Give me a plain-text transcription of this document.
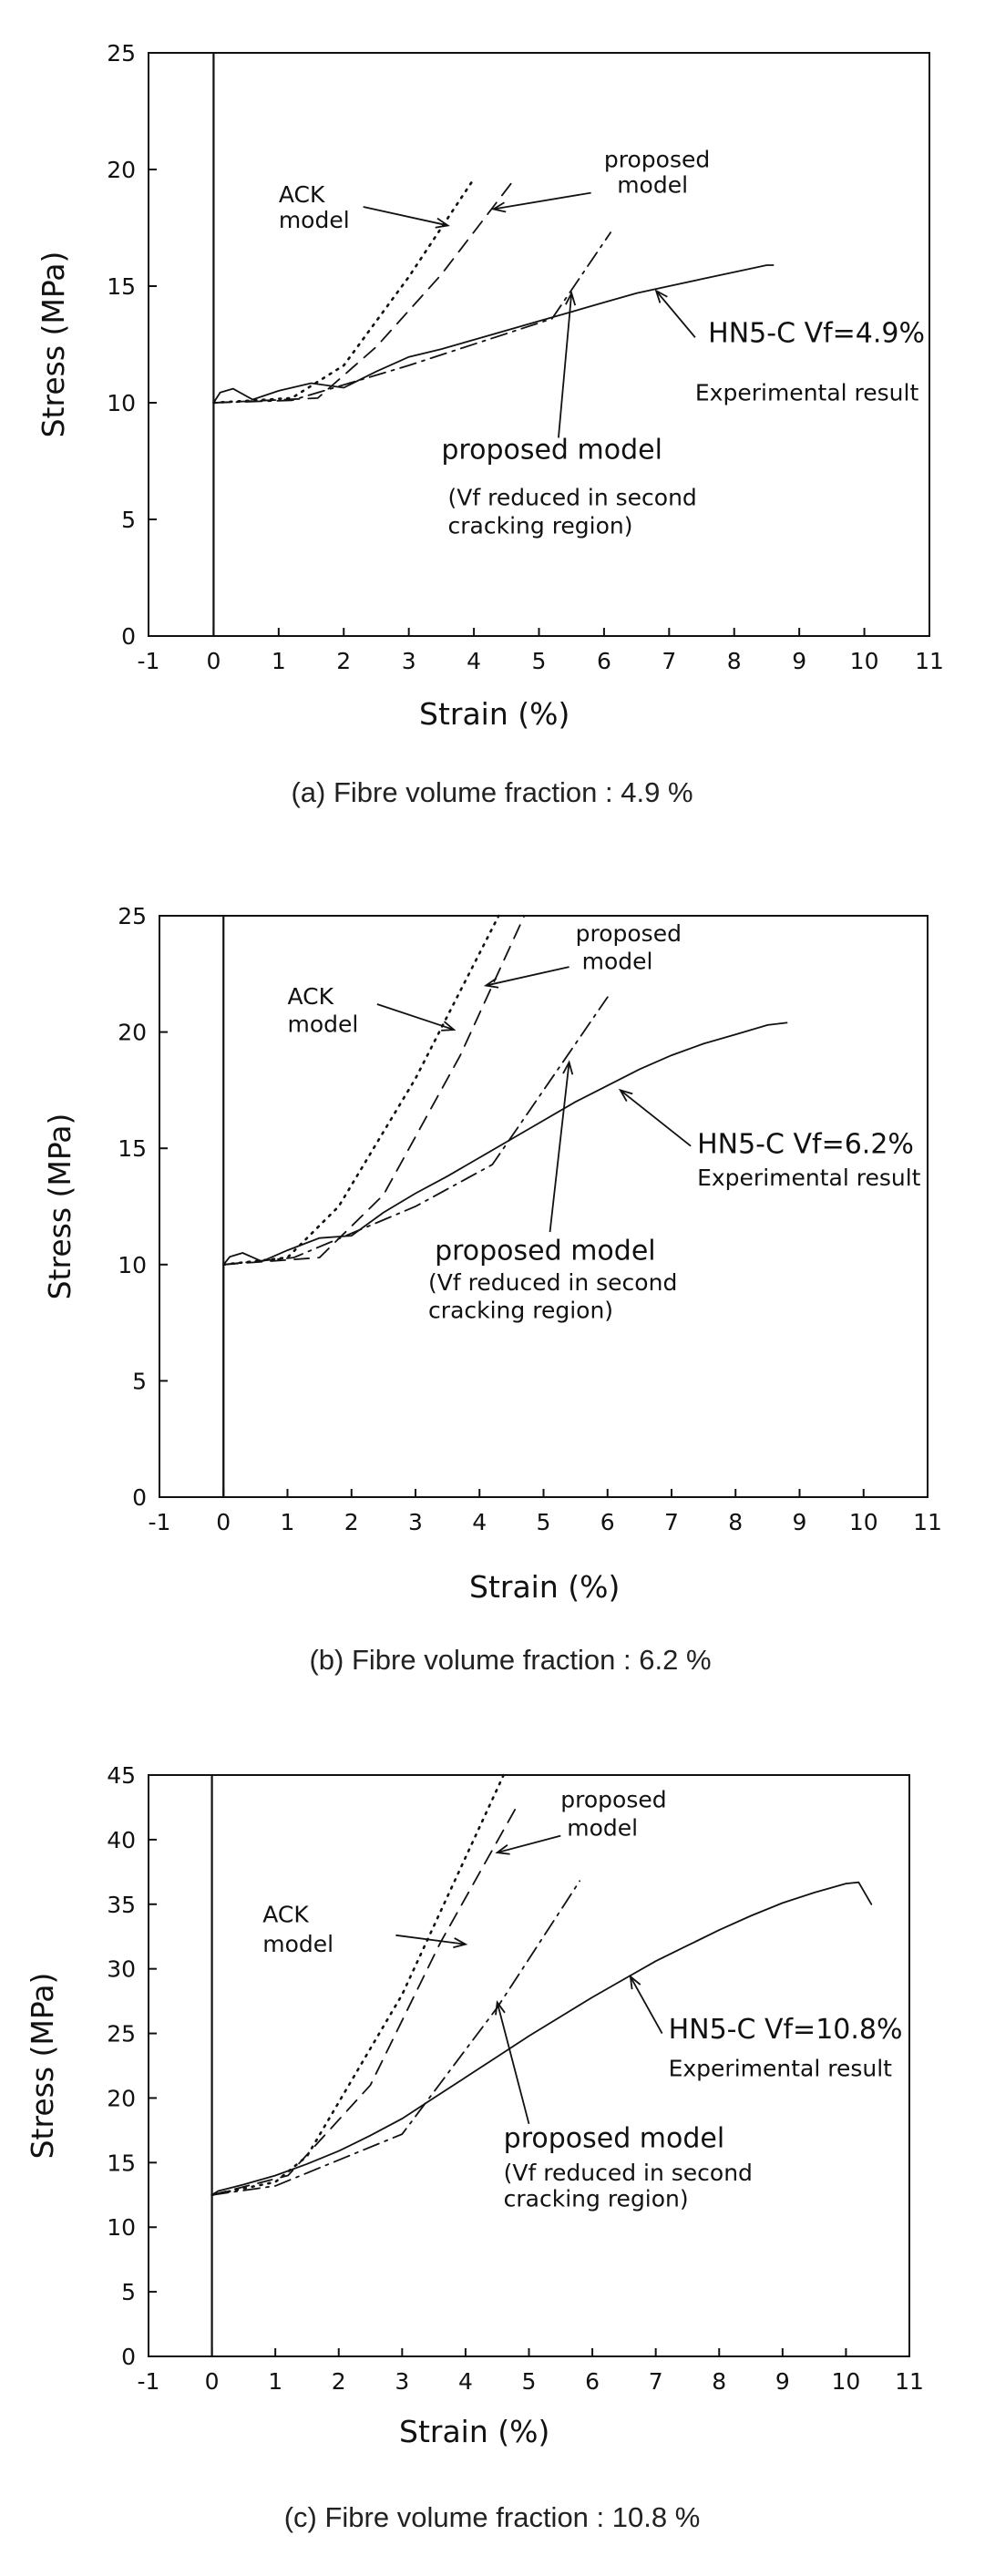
Strain (%)
Stress (MPa)
(a) Fibre volume fraction : 4.9 %
-1 0 1 2 3 4 5 6 7 8 9 10 11
0
5
10
15
20
25
ACK
model
proposed
model
HN5-C Vf=4.9%
Experimental result
proposed model
(Vf reduced in second
cracking region)
Strain (%)
Stress (MPa)
(b) Fibre volume fraction : 6.2 %
-1 0 1 2 3 4 5 6 7 8 9 10 11
0
5
10
15
20
25
ACK
model
proposed
model
HN5-C Vf=6.2%
Experimental result
proposed model
(Vf reduced in second
cracking region)
Strain (%)
Stress (MPa)
(c) Fibre volume fraction : 10.8 %
-1 0 1 2 3 4 5 6 7 8 9 10 11
0
5
10
15
20
25
30
35
40
45
ACK
model
proposed
model
HN5-C Vf=10.8%
Experimental result
proposed model
(Vf reduced in second
cracking region)
